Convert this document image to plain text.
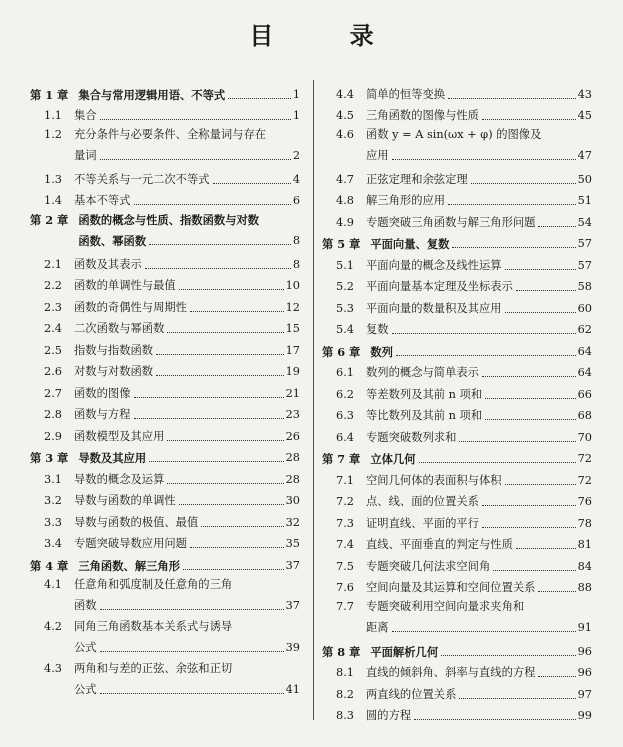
目 录
第 1 章 集合与常用逻辑用语、不等式	1
1.1	集合	1
1.2	充分条件与必要条件、全称量词与存在
量词	2
1.3	不等关系与一元二次不等式	4
1.4	基本不等式	6
第 2 章 函数的概念与性质、指数函数与对数
函数、幂函数	8
2.1	函数及其表示	8
2.2	函数的单调性与最值	10
2.3	函数的奇偶性与周期性	12
2.4	二次函数与幂函数	15
2.5	指数与指数函数	17
2.6	对数与对数函数	19
2.7	函数的图像	21
2.8	函数与方程	23
2.9	函数模型及其应用	26
第 3 章 导数及其应用	28
3.1	导数的概念及运算	28
3.2	导数与函数的单调性	30
3.3	导数与函数的极值、最值	32
3.4	专题突破导数应用问题	35
第 4 章 三角函数、解三角形	37
4.1	任意角和弧度制及任意角的三角
函数	37
4.2	同角三角函数基本关系式与诱导
公式	39
4.3	两角和与差的正弦、余弦和正切
公式	41
4.4	简单的恒等变换	43
4.5	三角函数的图像与性质	45
4.6	函数 y = A sin(ωx + φ) 的图像及
应用	47
4.7	正弦定理和余弦定理	50
4.8	解三角形的应用	51
4.9	专题突破三角函数与解三角形问题	54
第 5 章 平面向量、复数	57
5.1	平面向量的概念及线性运算	57
5.2	平面向量基本定理及坐标表示	58
5.3	平面向量的数量积及其应用	60
5.4	复数	62
第 6 章 数列	64
6.1	数列的概念与简单表示	64
6.2	等差数列及其前 n 项和	66
6.3	等比数列及其前 n 项和	68
6.4	专题突破数列求和	70
第 7 章 立体几何	72
7.1	空间几何体的表面积与体积	72
7.2	点、线、面的位置关系	76
7.3	证明直线、平面的平行	78
7.4	直线、平面垂直的判定与性质	81
7.5	专题突破几何法求空间角	84
7.6	空间向量及其运算和空间位置关系	88
7.7	专题突破利用空间向量求夹角和
距离	91
第 8 章 平面解析几何	96
8.1	直线的倾斜角、斜率与直线的方程	96
8.2	两直线的位置关系	97
8.3	圆的方程	99
